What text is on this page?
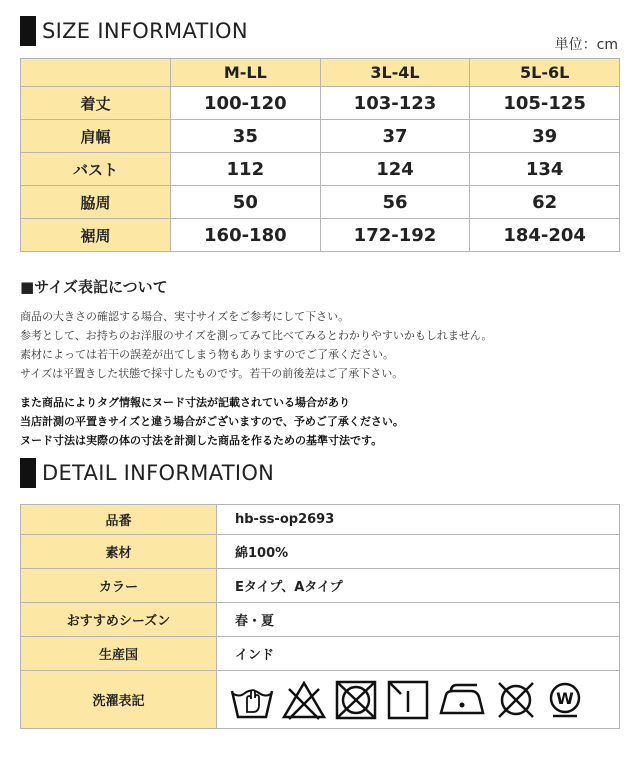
SIZE INFORMATION
単位：cm
	M-LL	3L-4L	5L-6L
着丈	100-120	103-123	105-125
肩幅	35	37	39
バスト	112	124	134
脇周	50	56	62
裾周	160-180	172-192	184-204
■サイズ表記について
商品の大きさの確認する場合、実寸サイズをご参考にして下さい。
参考として、お持ちのお洋服のサイズを測ってみて比べてみるとわかりやすいかもしれません。
素材によっては若干の誤差が出てしまう物もありますのでご了承ください。
サイズは平置きした状態で採寸したものです。若干の前後差はご了承下さい。
また商品によりタグ情報にヌード寸法が記載されている場合があり
当店計測の平置きサイズと違う場合がございますので、予めご了承ください。
ヌード寸法は実際の体の寸法を計測した商品を作るための基準寸法です。
DETAIL INFORMATION
品番	hb-ss-op2693
素材	綿100%
カラー	Eタイプ、Aタイプ
おすすめシーズン	春・夏
生産国	インド
洗濯表記	W
